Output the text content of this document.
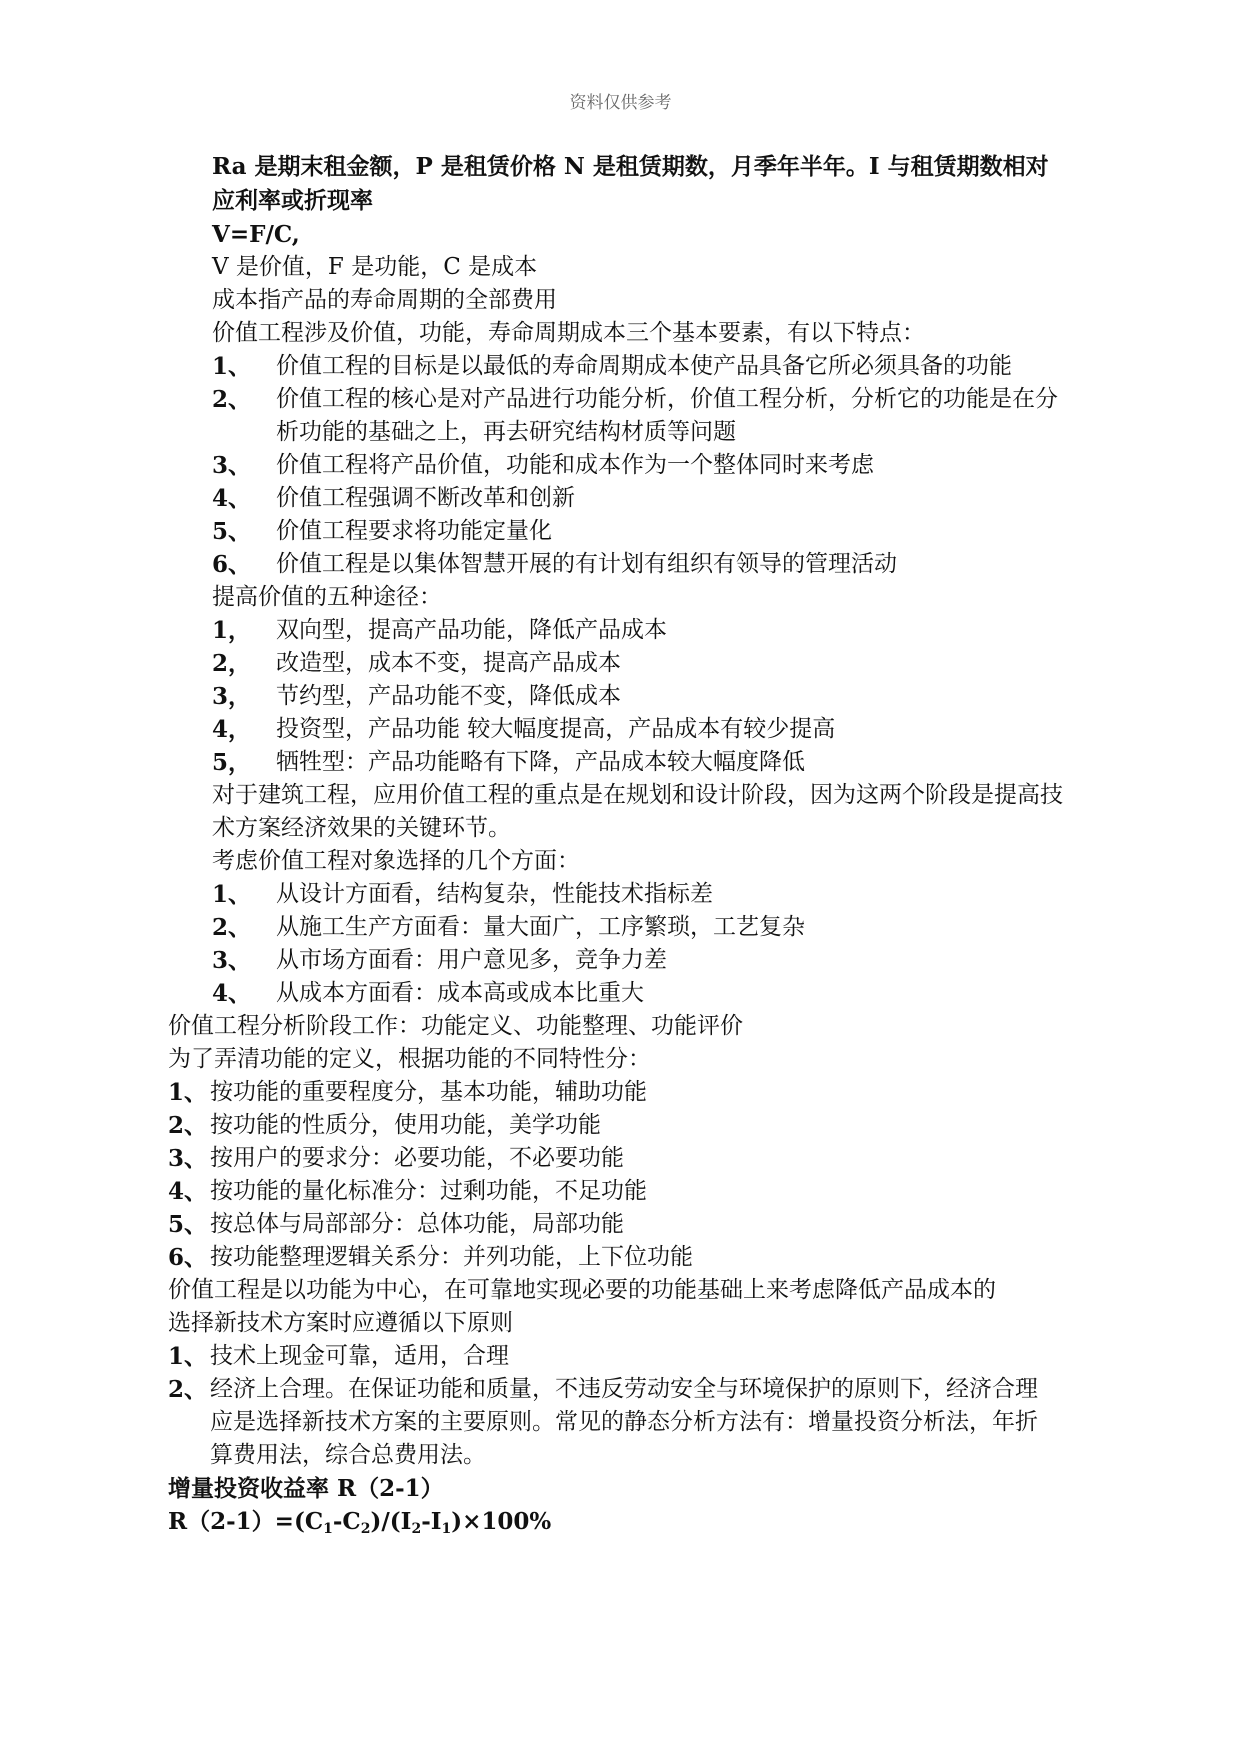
资料仅供参考

Ra 是期末租金额，P 是租赁价格 N 是租赁期数，月季年半年。I 与租赁期数相对应利率或折现率

V=F/C,

V 是价值，F 是功能，C 是成本

成本指产品的寿命周期的全部费用

价值工程涉及价值，功能，寿命周期成本三个基本要素，有以下特点：

1、	价值工程的目标是以最低的寿命周期成本使产品具备它所必须具备的功能
2、	价值工程的核心是对产品进行功能分析，价值工程分析，分析它的功能是在分析功能的基础之上，再去研究结构材质等问题
3、	价值工程将产品价值，功能和成本作为一个整体同时来考虑
4、	价值工程强调不断改革和创新
5、	价值工程要求将功能定量化
6、	价值工程是以集体智慧开展的有计划有组织有领导的管理活动

提高价值的五种途径：

1，	双向型，提高产品功能，降低产品成本
2，	改造型，成本不变，提高产品成本
3，	节约型，产品功能不变，降低成本
4，	投资型，产品功能 较大幅度提高，产品成本有较少提高
5，	牺牲型：产品功能略有下降，产品成本较大幅度降低

对于建筑工程，应用价值工程的重点是在规划和设计阶段，因为这两个阶段是提高技术方案经济效果的关键环节。

考虑价值工程对象选择的几个方面：

1、	从设计方面看，结构复杂，性能技术指标差
2、	从施工生产方面看：量大面广，工序繁琐，工艺复杂
3、	从市场方面看：用户意见多，竞争力差
4、	从成本方面看：成本高或成本比重大

价值工程分析阶段工作：功能定义、功能整理、功能评价

为了弄清功能的定义，根据功能的不同特性分：

1、 按功能的重要程度分，基本功能，辅助功能
2、 按功能的性质分，使用功能，美学功能
3、 按用户的要求分：必要功能，不必要功能
4、 按功能的量化标准分：过剩功能，不足功能
5、 按总体与局部部分：总体功能，局部功能
6、 按功能整理逻辑关系分：并列功能，上下位功能

价值工程是以功能为中心，在可靠地实现必要的功能基础上来考虑降低产品成本的

选择新技术方案时应遵循以下原则

1、 技术上现金可靠，适用，合理
2、 经济上合理。在保证功能和质量，不违反劳动安全与环境保护的原则下，经济合理应是选择新技术方案的主要原则。常见的静态分析方法有：增量投资分析法，年折算费用法，综合总费用法。

增量投资收益率 R（2-1）

$R(2-1)=(C_1-C_2)/(I_2-I_1)\times 100\%$
